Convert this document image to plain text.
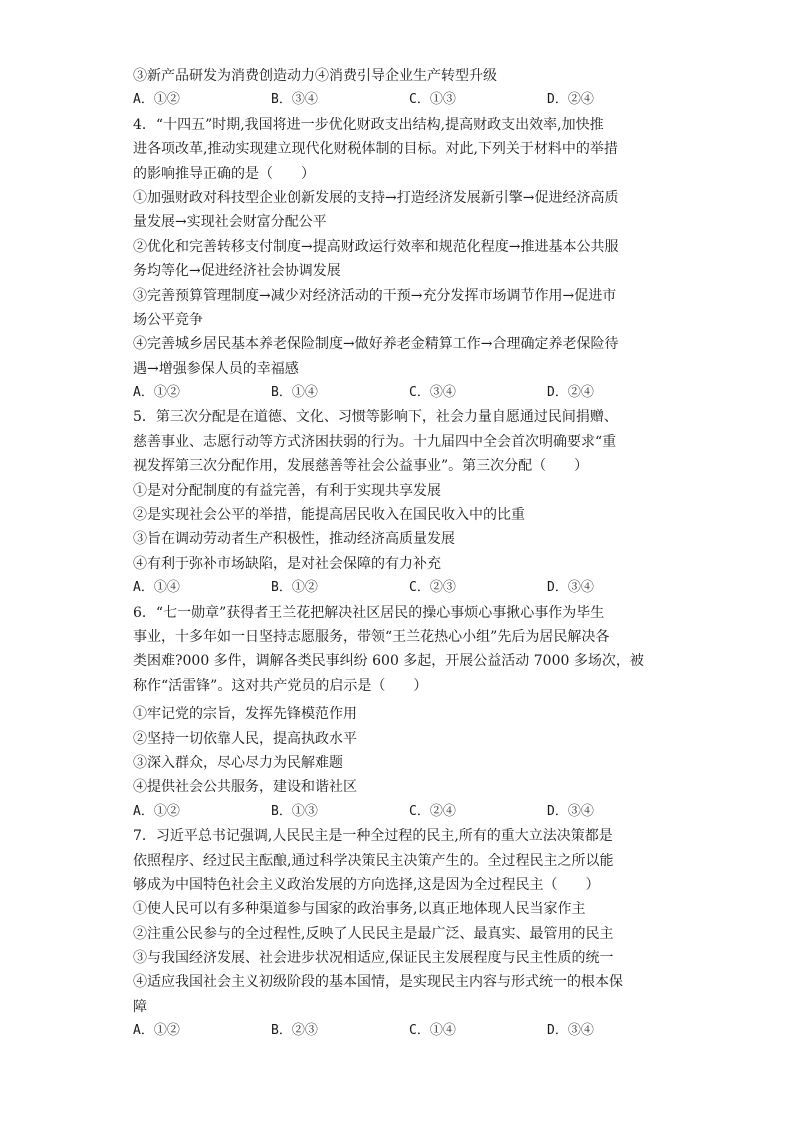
③新产品研发为消费创造动力④消费引导企业生产转型升级
A．①②	B．③④	C．①③	D．②④
4．“十四五”时期,我国将进一步优化财政支出结构,提高财政支出效率,加快推
进各项改革,推动实现建立现代化财税体制的目标。对此,下列关于材料中的举措
的影响推导正确的是（　　）
①加强财政对科技型企业创新发展的支持→打造经济发展新引擎→促进经济高质
量发展→实现社会财富分配公平
②优化和完善转移支付制度→提高财政运行效率和规范化程度→推进基本公共服
务均等化→促进经济社会协调发展
③完善预算管理制度→减少对经济活动的干预→充分发挥市场调节作用→促进市
场公平竞争
④完善城乡居民基本养老保险制度→做好养老金精算工作→合理确定养老保险待
遇→增强参保人员的幸福感
A．①②	B．①④	C．③④	D．②④
5．第三次分配是在道德、文化、习惯等影响下，社会力量自愿通过民间捐赠、
慈善事业、志愿行动等方式济困扶弱的行为。十九届四中全会首次明确要求“重
视发挥第三次分配作用，发展慈善等社会公益事业”。第三次分配（　　）
①是对分配制度的有益完善，有利于实现共享发展
②是实现社会公平的举措，能提高居民收入在国民收入中的比重
③旨在调动劳动者生产积极性，推动经济高质量发展
④有利于弥补市场缺陷，是对社会保障的有力补充
A．①④	B．①②	C．②③	D．③④
6．“七一勋章”获得者王兰花把解决社区居民的操心事烦心事揪心事作为毕生
事业，十多年如一日坚持志愿服务，带领“王兰花热心小组”先后为居民解决各
类困难?000 多件，调解各类民事纠纷 600 多起，开展公益活动 7000 多场次，被
称作“活雷锋”。这对共产党员的启示是（　　）
①牢记党的宗旨，发挥先锋模范作用
②坚持一切依靠人民，提高执政水平
③深入群众，尽心尽力为民解难题
④提供社会公共服务，建设和谐社区
A．①②	B．①③	C．②④	D．③④
7．习近平总书记强调,人民民主是一种全过程的民主,所有的重大立法决策都是
依照程序、经过民主酝酿,通过科学决策民主决策产生的。全过程民主之所以能
够成为中国特色社会主义政治发展的方向选择,这是因为全过程民主（　　）
①使人民可以有多种渠道参与国家的政治事务,以真正地体现人民当家作主
②注重公民参与的全过程性,反映了人民民主是最广泛、最真实、最管用的民主
③与我国经济发展、社会进步状况相适应,保证民主发展程度与民主性质的统一
④适应我国社会主义初级阶段的基本国情，是实现民主内容与形式统一的根本保
障
A．①②	B．②③	C．①④	D．③④
